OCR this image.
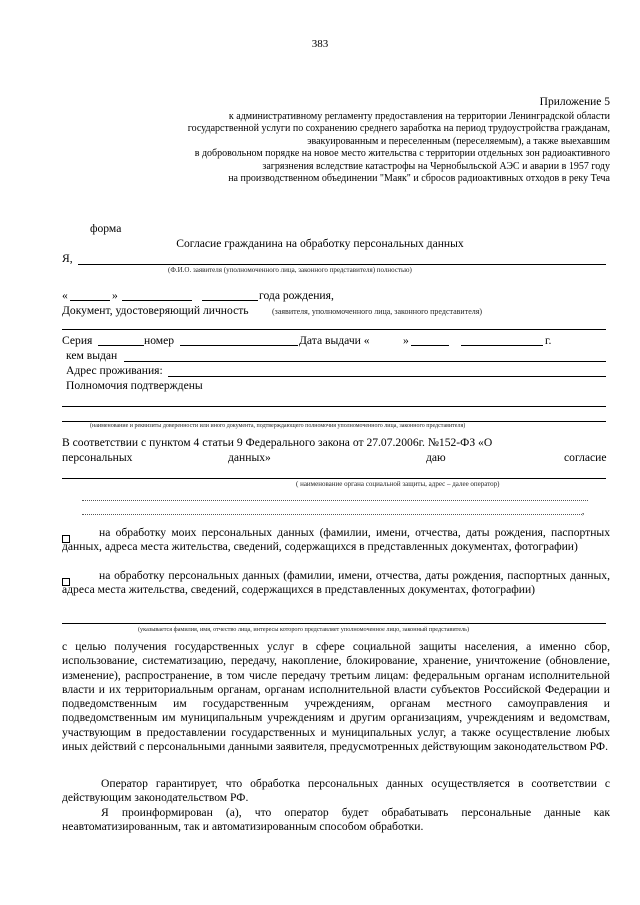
383
Приложение 5
к административному регламенту предоставления на территории Ленинградской области
государственной услуги по сохранению среднего заработка на период трудоустройства гражданам,
эвакуированным и переселенным (переселяемым), а также выехавшим
в добровольном порядке на новое место жительства с территории отдельных зон радиоактивного
загрязнения вследствие катастрофы на Чернобыльской АЭС и аварии в 1957 году
на производственном объединении "Маяк" и сбросов радиоактивных отходов в реку Теча
форма
Согласие гражданина на обработку персональных данных
Я,
(Ф.И.О. заявителя (уполномоченного лица, законного представителя) полностью)
«	»	года рождения,
Документ, удостоверяющий личность	(заявителя, уполномоченного лица, законного представителя)
Серия	номер	Дата выдачи «	»	г.
кем выдан
Адрес проживания:
Полномочия подтверждены
(наименование и реквизиты доверенности или иного документа, подтверждающего полномочия уполномоченного лица, законного представителя)
В соответствии с пунктом 4 статьи 9 Федерального закона от 27.07.2006г. №152-ФЗ «О
персональных	данных»	даю	согласие
( наименование органа социальной защиты, адрес – далее оператор)
,
на обработку моих персональных данных (фамилии, имени, отчества, даты рождения, паспортных данных, адреса места жительства, сведений, содержащихся в представленных документах, фотографии)
на обработку персональных данных (фамилии, имени, отчества, даты рождения, паспортных данных, адреса места жительства, сведений, содержащихся в представленных документах, фотографии)
(указывается фамилия, имя, отчество лица, интересы которого представляет уполномоченное лицо, законный представитель)
с целью получения государственных услуг в сфере социальной защиты населения, а именно сбор, использование, систематизацию, передачу, накопление, блокирование, хранение, уничтожение (обновление, изменение), распространение, в том числе передачу третьим лицам: федеральным органам исполнительной власти и их территориальным органам, органам исполнительной власти субъектов Российской Федерации и подведомственным им государственным учреждениям, органам местного самоуправления и подведомственным им муниципальным учреждениям и другим организациям, учреждениям и ведомствам, участвующим в предоставлении государственных и муниципальных услуг, а также осуществление любых иных действий с персональными данными заявителя, предусмотренных действующим законодательством РФ.
Оператор гарантирует, что обработка персональных данных осуществляется в соответствии с действующим законодательством РФ.
Я проинформирован (а), что оператор будет обрабатывать персональные данные как неавтоматизированным, так и автоматизированным способом обработки.
